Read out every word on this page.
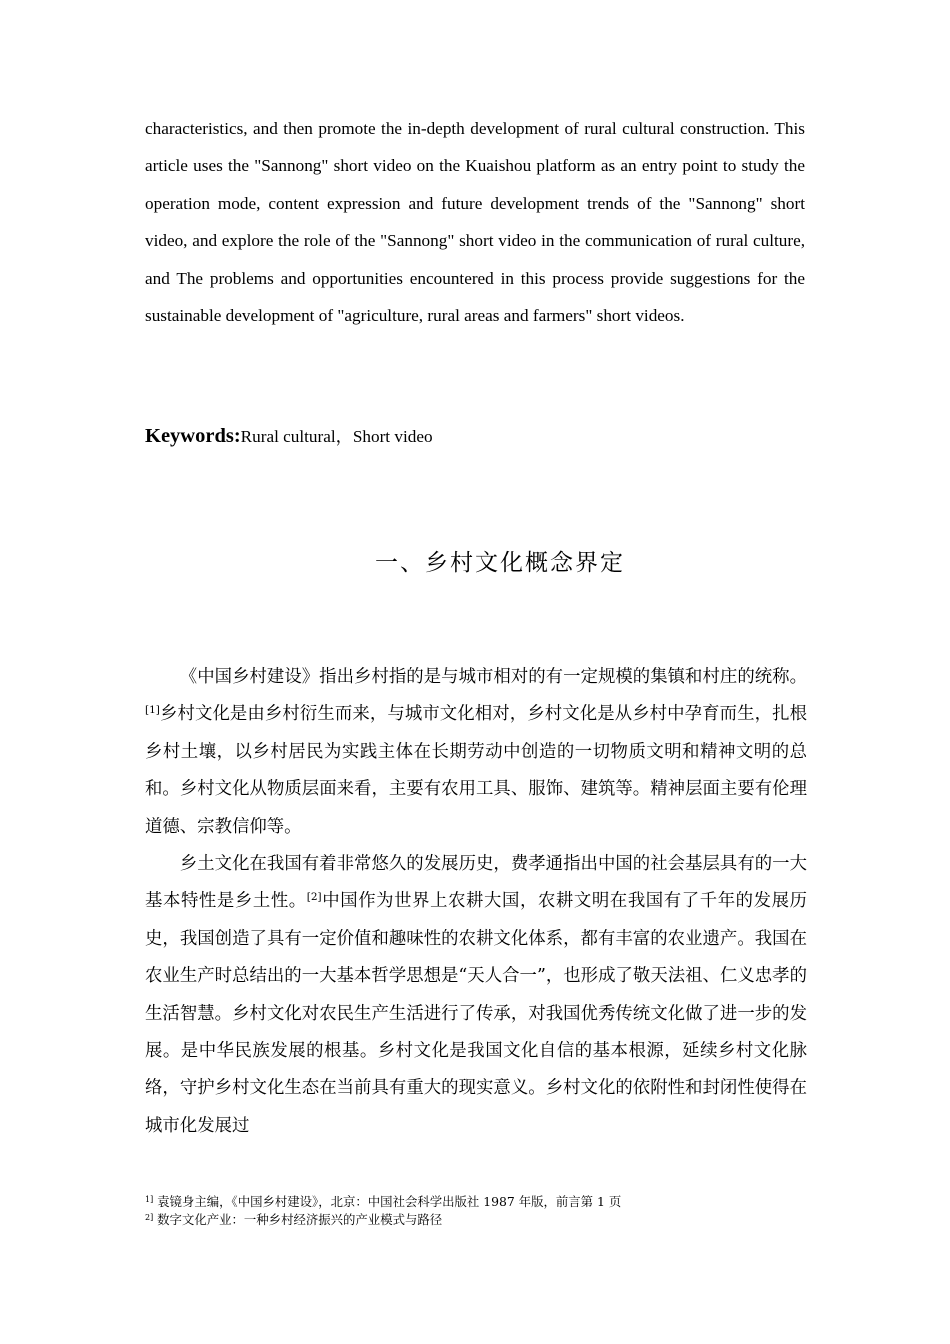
characteristics, and then promote the in-depth development of rural cultural construction. This article uses the "Sannong" short video on the Kuaishou platform as an entry point to study the operation mode, content expression and future development trends of the "Sannong" short video, and explore the role of the "Sannong" short video in the communication of rural culture, and The problems and opportunities encountered in this process provide suggestions for the sustainable development of "agriculture, rural areas and farmers" short videos.

Keywords:Rural cultural，Short video
一、乡村文化概念界定

《中国乡村建设》指出乡村指的是与城市相对的有一定规模的集镇和村庄的统称。[1]乡村文化是由乡村衍生而来，与城市文化相对，乡村文化是从乡村中孕育而生，扎根乡村土壤，以乡村居民为实践主体在长期劳动中创造的一切物质文明和精神文明的总和。乡村文化从物质层面来看，主要有农用工具、服饰、建筑等。精神层面主要有伦理道德、宗教信仰等。

乡土文化在我国有着非常悠久的发展历史，费孝通指出中国的社会基层具有的一大基本特性是乡土性。[2]中国作为世界上农耕大国，农耕文明在我国有了千年的发展历史，我国创造了具有一定价值和趣味性的农耕文化体系，都有丰富的农业遗产。我国在农业生产时总结出的一大基本哲学思想是“天人合一”，也形成了敬天法祖、仁义忠孝的生活智慧。乡村文化对农民生产生活进行了传承，对我国优秀传统文化做了进一步的发展。是中华民族发展的根基。乡村文化是我国文化自信的基本根源，延续乡村文化脉络，守护乡村文化生态在当前具有重大的现实意义。乡村文化的依附性和封闭性使得在城市化发展过

$^{1]}$ 袁镜身主编，《中国乡村建设》，北京：中国社会科学出版社 1987 年版，前言第 1 页
$^{2]}$ 数字文化产业：一种乡村经济振兴的产业模式与路径
